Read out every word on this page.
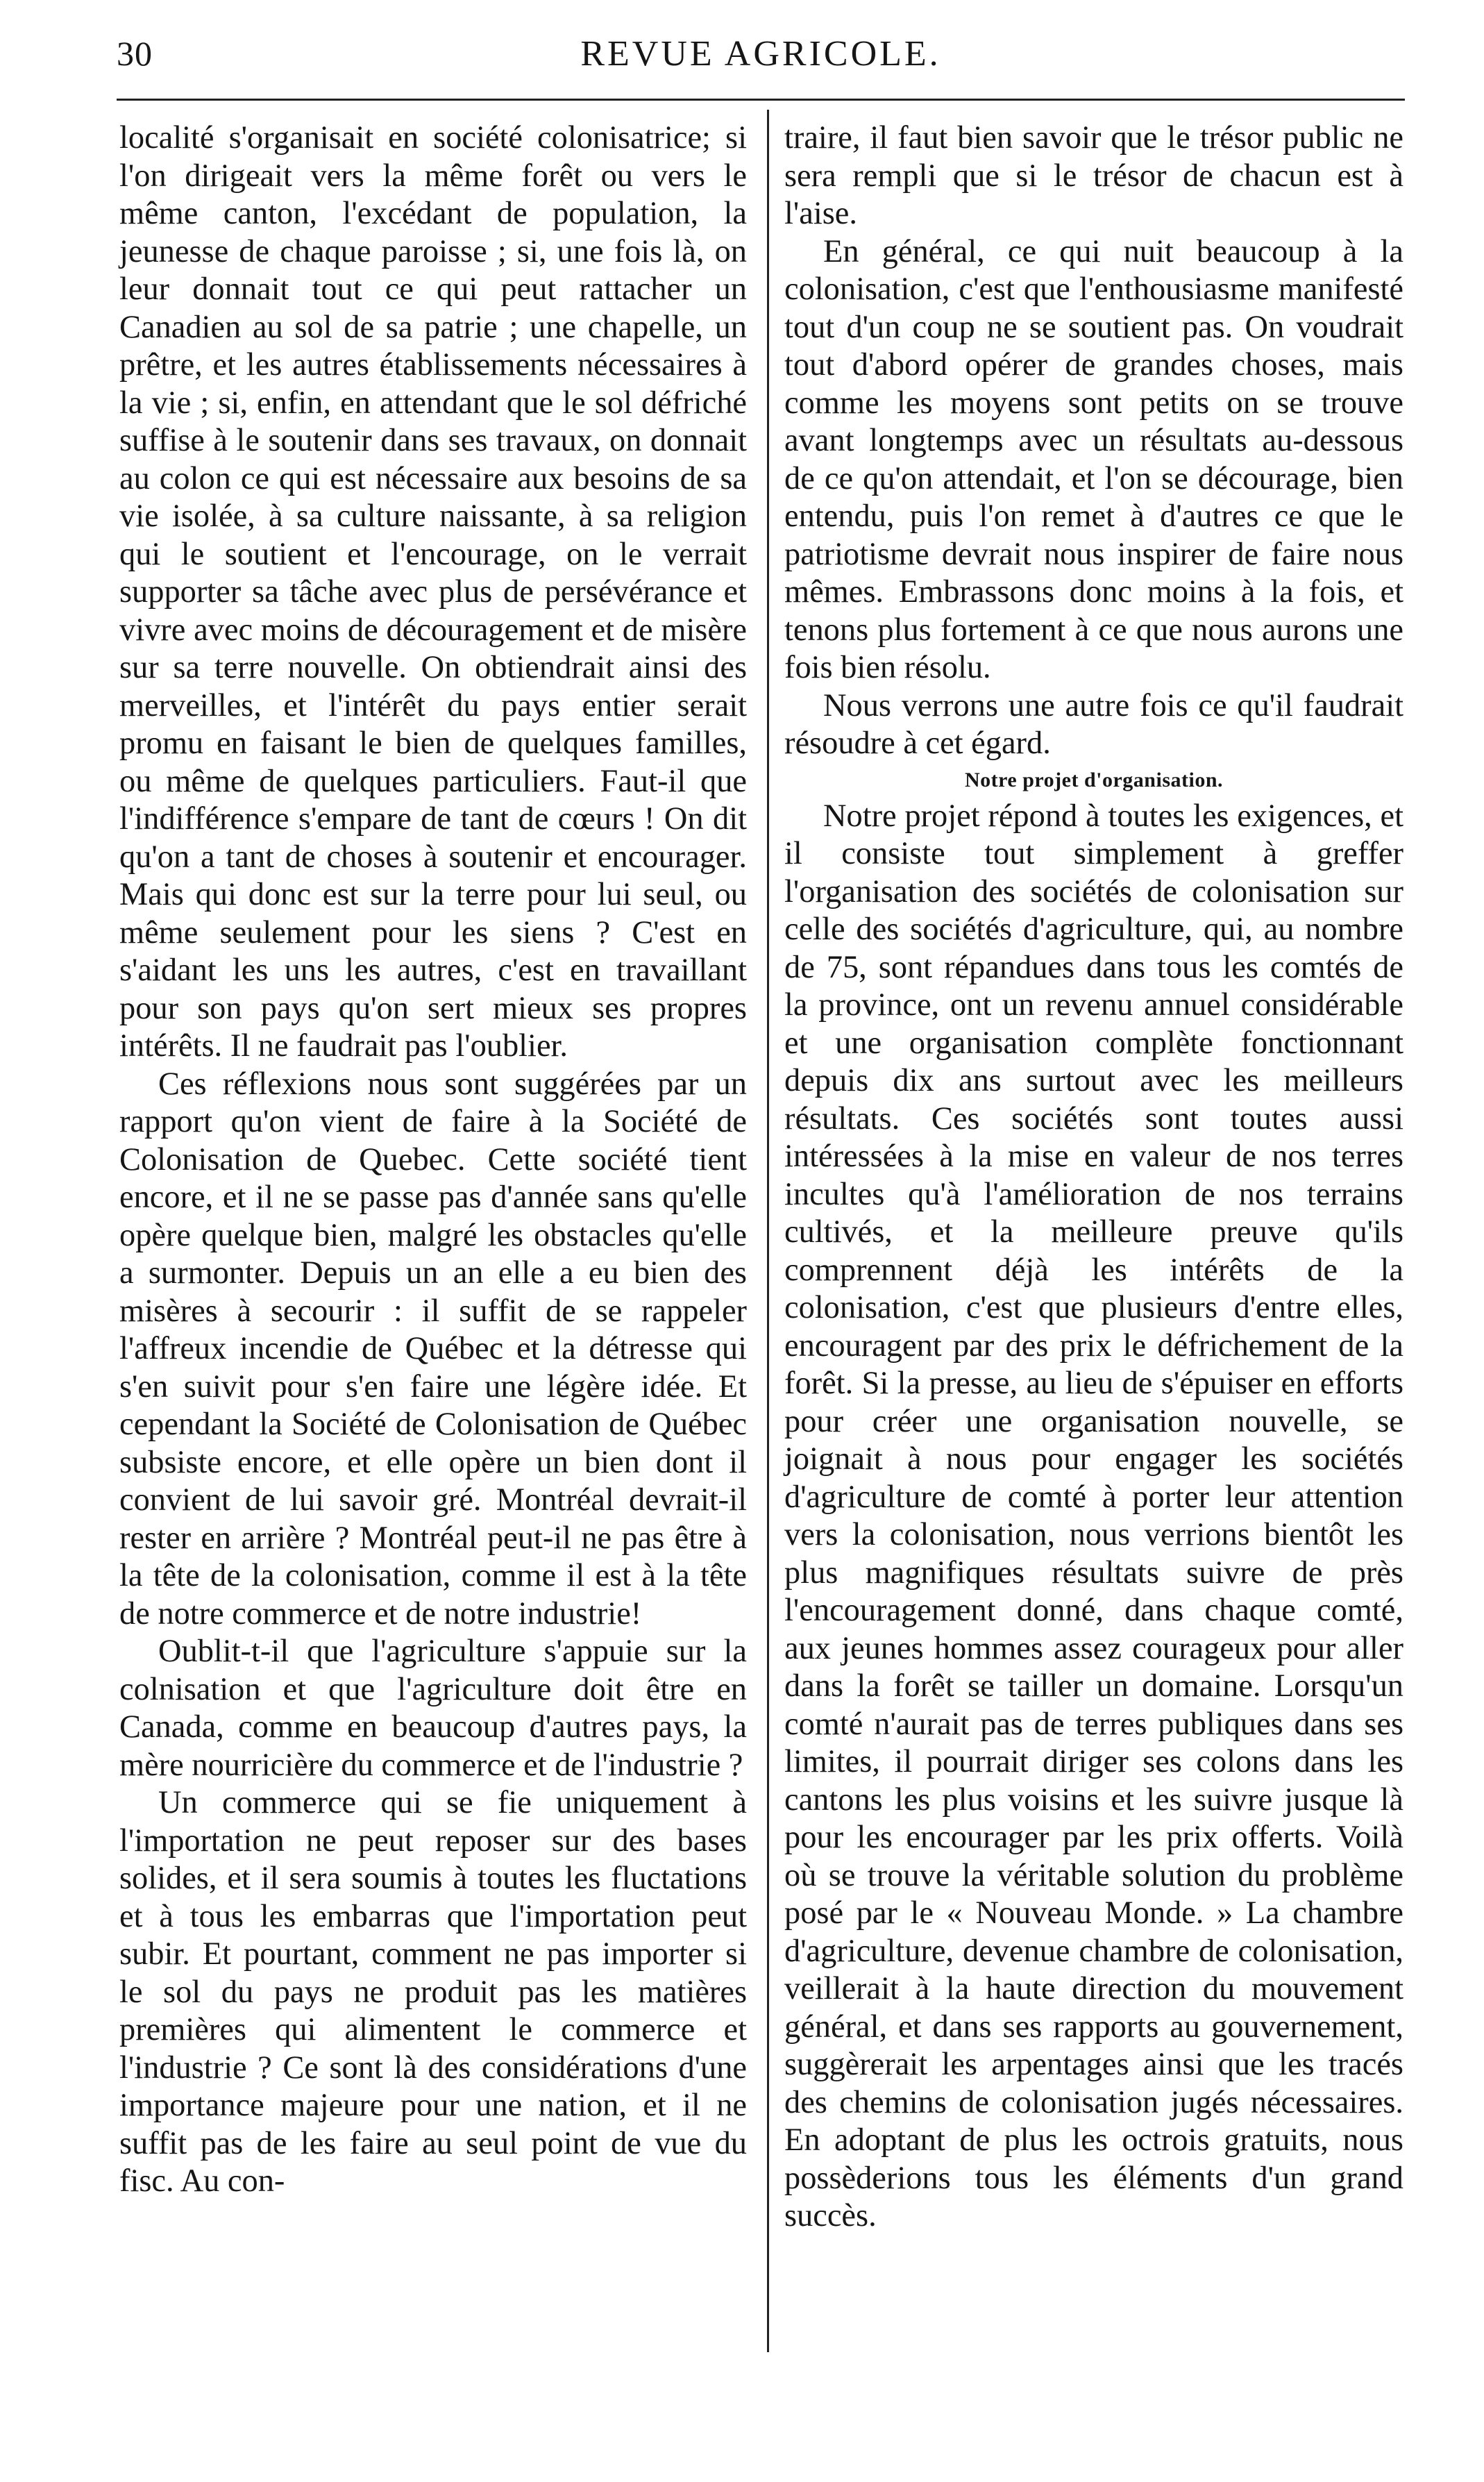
30	REVUE AGRICOLE.

localité s'organisait en société colonisatrice; si l'on dirigeait vers la même forêt ou vers le même canton, l'excédant de population, la jeunesse de chaque paroisse ; si, une fois là, on leur donnait tout ce qui peut rattacher un Canadien au sol de sa patrie ; une chapelle, un prêtre, et les autres établissements nécessaires à la vie ; si, enfin, en attendant que le sol défriché suffise à le soutenir dans ses travaux, on donnait au colon ce qui est nécessaire aux besoins de sa vie isolée, à sa culture naissante, à sa religion qui le soutient et l'encourage, on le verrait supporter sa tâche avec plus de persévérance et vivre avec moins de découragement et de misère sur sa terre nouvelle. On obtiendrait ainsi des merveilles, et l'intérêt du pays entier serait promu en faisant le bien de quelques familles, ou même de quelques particuliers. Faut-il que l'indifférence s'empare de tant de cœurs ! On dit qu'on a tant de choses à soutenir et encourager. Mais qui donc est sur la terre pour lui seul, ou même seulement pour les siens ? C'est en s'aidant les uns les autres, c'est en travaillant pour son pays qu'on sert mieux ses propres intérêts. Il ne faudrait pas l'oublier.

Ces réflexions nous sont suggérées par un rapport qu'on vient de faire à la Société de Colonisation de Quebec. Cette société tient encore, et il ne se passe pas d'année sans qu'elle opère quelque bien, malgré les obstacles qu'elle a surmonter. Depuis un an elle a eu bien des misères à secourir : il suffit de se rappeler l'affreux incendie de Québec et la détresse qui s'en suivit pour s'en faire une légère idée. Et cependant la Société de Colonisation de Québec subsiste encore, et elle opère un bien dont il convient de lui savoir gré. Montréal devrait-il rester en arrière ? Montréal peut-il ne pas être à la tête de la colonisation, comme il est à la tête de notre commerce et de notre industrie!

Oublit-t-il que l'agriculture s'appuie sur la colnisation et que l'agriculture doit être en Canada, comme en beaucoup d'autres pays, la mère nourricière du commerce et de l'industrie ?

Un commerce qui se fie uniquement à l'importation ne peut reposer sur des bases solides, et il sera soumis à toutes les fluctations et à tous les embarras que l'importation peut subir. Et pourtant, comment ne pas importer si le sol du pays ne produit pas les matières premières qui alimentent le commerce et l'industrie ? Ce sont là des considérations d'une importance majeure pour une nation, et il ne suffit pas de les faire au seul point de vue du fisc. Au con-

traire, il faut bien savoir que le trésor public ne sera rempli que si le trésor de chacun est à l'aise.

En général, ce qui nuit beaucoup à la colonisation, c'est que l'enthousiasme manifesté tout d'un coup ne se soutient pas. On voudrait tout d'abord opérer de grandes choses, mais comme les moyens sont petits on se trouve avant longtemps avec un résultats au-dessous de ce qu'on attendait, et l'on se décourage, bien entendu, puis l'on remet à d'autres ce que le patriotisme devrait nous inspirer de faire nous mêmes. Embrassons donc moins à la fois, et tenons plus fortement à ce que nous aurons une fois bien résolu.

Nous verrons une autre fois ce qu'il faudrait résoudre à cet égard.

Notre projet d'organisation.

Notre projet répond à toutes les exigences, et il consiste tout simplement à greffer l'organisation des sociétés de colonisation sur celle des sociétés d'agriculture, qui, au nombre de 75, sont répandues dans tous les comtés de la province, ont un revenu annuel considérable et une organisation complète fonctionnant depuis dix ans surtout avec les meilleurs résultats. Ces sociétés sont toutes aussi intéressées à la mise en valeur de nos terres incultes qu'à l'amélioration de nos terrains cultivés, et la meilleure preuve qu'ils comprennent déjà les intérêts de la colonisation, c'est que plusieurs d'entre elles, encouragent par des prix le défrichement de la forêt. Si la presse, au lieu de s'épuiser en efforts pour créer une organisation nouvelle, se joignait à nous pour engager les sociétés d'agriculture de comté à porter leur attention vers la colonisation, nous verrions bientôt les plus magnifiques résultats suivre de près l'encouragement donné, dans chaque comté, aux jeunes hommes assez courageux pour aller dans la forêt se tailler un domaine. Lorsqu'un comté n'aurait pas de terres publiques dans ses limites, il pourrait diriger ses colons dans les cantons les plus voisins et les suivre jusque là pour les encourager par les prix offerts. Voilà où se trouve la véritable solution du problème posé par le « Nouveau Monde. » La chambre d'agriculture, devenue chambre de colonisation, veillerait à la haute direction du mouvement général, et dans ses rapports au gouvernement, suggèrerait les arpentages ainsi que les tracés des chemins de colonisation jugés nécessaires. En adoptant de plus les octrois gratuits, nous possèderions tous les éléments d'un grand succès.
